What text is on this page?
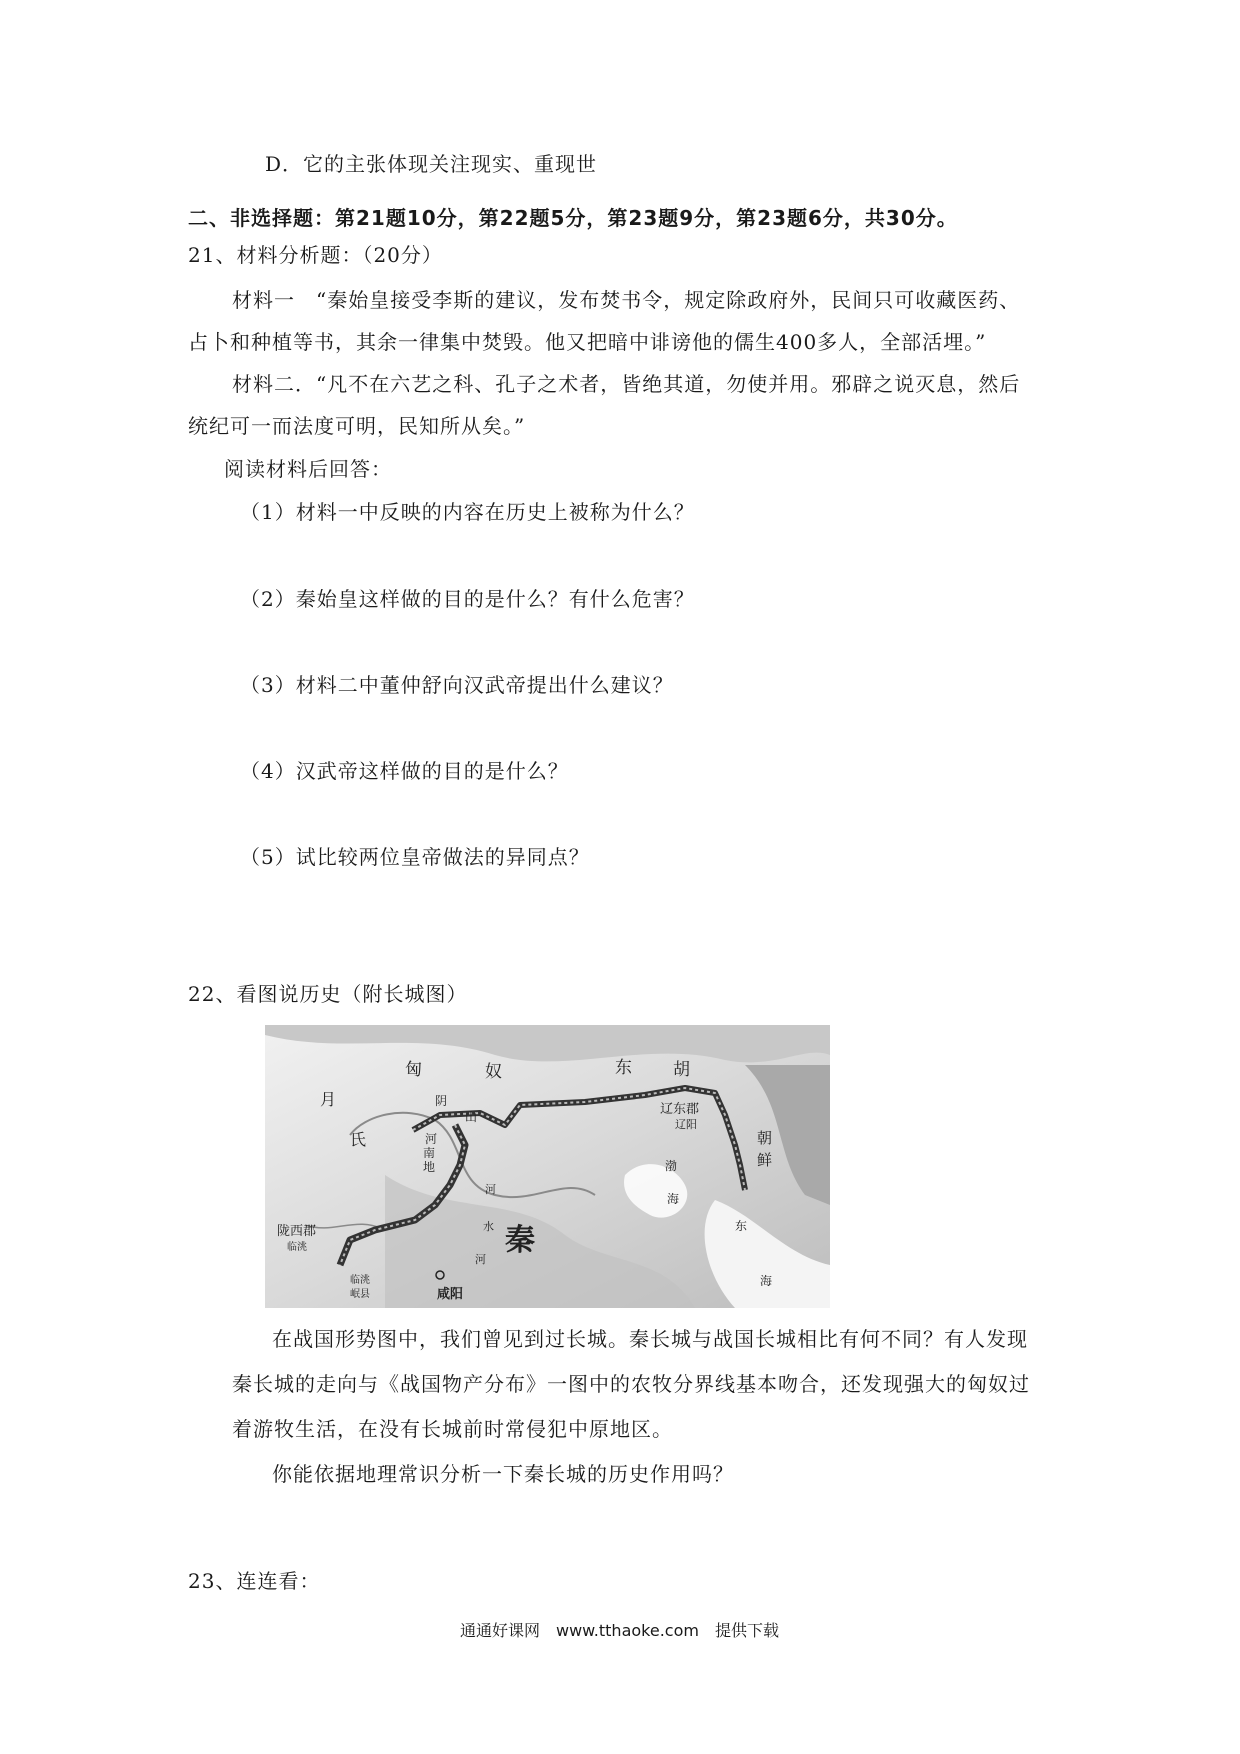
D．它的主张体现关注现实、重现世
二、非选择题：第21题10分，第22题5分，第23题9分，第23题6分，共30分。
21、材料分析题：（20分）
材料一　“秦始皇接受李斯的建议，发布焚书令，规定除政府外，民间只可收藏医药、
占卜和种植等书，其余一律集中焚毁。他又把暗中诽谤他的儒生400多人，全部活埋。”
材料二．“凡不在六艺之科、孔子之术者，皆绝其道，勿使并用。邪辟之说灭息，然后
统纪可一而法度可明，民知所从矣。”
阅读材料后回答：
（1）材料一中反映的内容在历史上被称为什么？
（2）秦始皇这样做的目的是什么？有什么危害？
（3）材料二中董仲舒向汉武帝提出什么建议？
（4）汉武帝这样做的目的是什么？
（5）试比较两位皇帝做法的异同点？
22、看图说历史（附长城图）
匈	奴	东 胡
月
氏
阴
山
河
南
地
辽东郡
辽阳
朝
鲜
陇西郡
临洮
临洮
岷县
秦
咸阳
渤
海
东
海
河
河
水
在战国形势图中，我们曾见到过长城。秦长城与战国长城相比有何不同？有人发现
秦长城的走向与《战国物产分布》一图中的农牧分界线基本吻合，还发现强大的匈奴过
着游牧生活，在没有长城前时常侵犯中原地区。
你能依据地理常识分析一下秦长城的历史作用吗？
23、连连看：
通通好课网　www.tthaoke.com　提供下载
